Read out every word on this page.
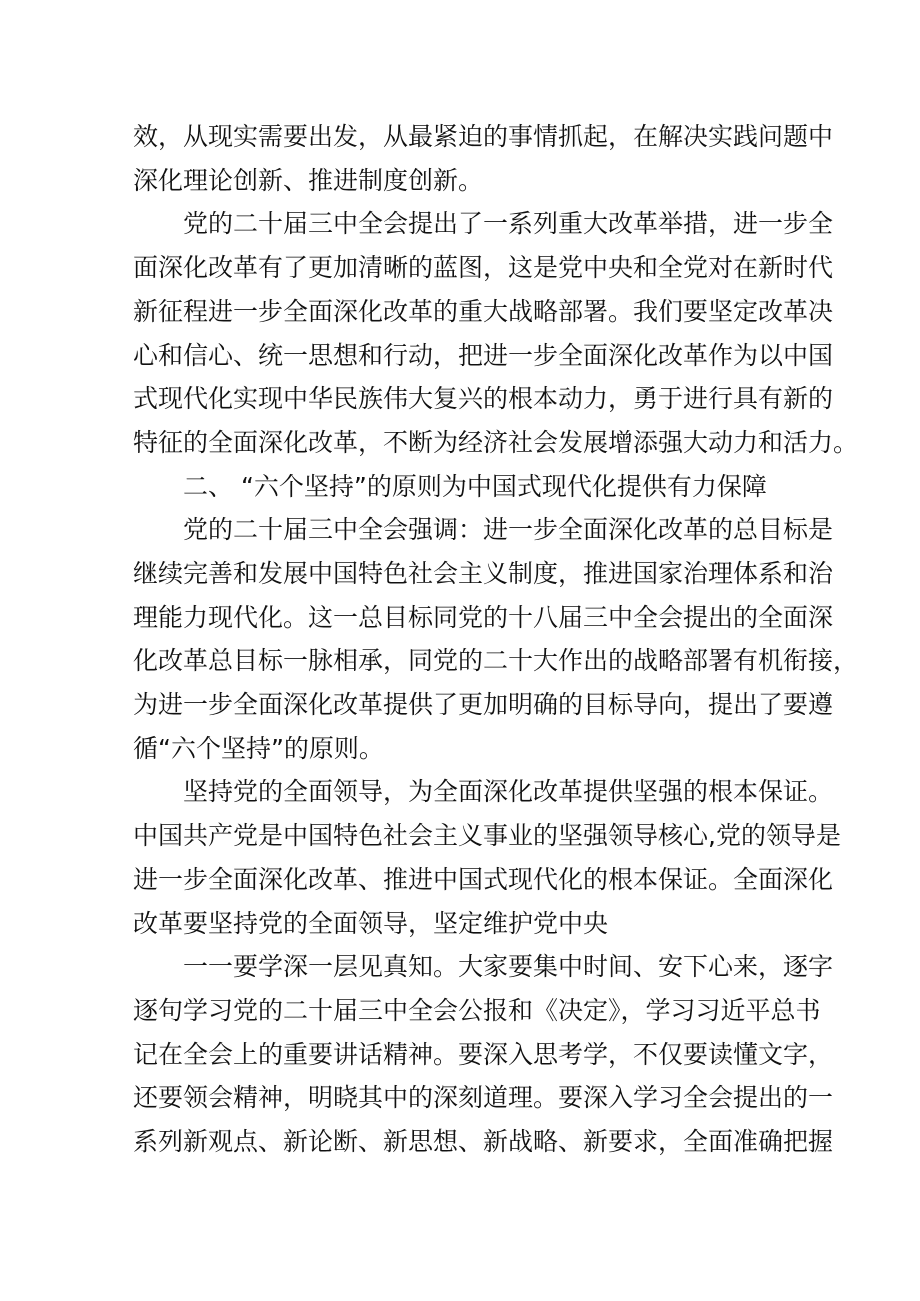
效，从现实需要出发，从最紧迫的事情抓起，在解决实践问题中
深化理论创新、推进制度创新。
党的二十届三中全会提出了一系列重大改革举措，进一步全
面深化改革有了更加清晰的蓝图，这是党中央和全党对在新时代
新征程进一步全面深化改革的重大战略部署。我们要坚定改革决
心和信心、统一思想和行动，把进一步全面深化改革作为以中国
式现代化实现中华民族伟大复兴的根本动力，勇于进行具有新的
特征的全面深化改革，不断为经济社会发展增添强大动力和活力。
二、 “六个坚持”的原则为中国式现代化提供有力保障
党的二十届三中全会强调：进一步全面深化改革的总目标是
继续完善和发展中国特色社会主义制度，推进国家治理体系和治
理能力现代化。这一总目标同党的十八届三中全会提出的全面深
化改革总目标一脉相承，同党的二十大作出的战略部署有机衔接，
为进一步全面深化改革提供了更加明确的目标导向，提出了要遵
循“六个坚持”的原则。
坚持党的全面领导，为全面深化改革提供坚强的根本保证。
中国共产党是中国特色社会主义事业的坚强领导核心,党的领导是
进一步全面深化改革、推进中国式现代化的根本保证。全面深化
改革要坚持党的全面领导，坚定维护党中央
一一要学深一层见真知。大家要集中时间、安下心来，逐字
逐句学习党的二十届三中全会公报和《决定》，学习习近平总书
记在全会上的重要讲话精神。要深入思考学，不仅要读懂文字，
还要领会精神，明晓其中的深刻道理。要深入学习全会提出的一
系列新观点、新论断、新思想、新战略、新要求，全面准确把握
